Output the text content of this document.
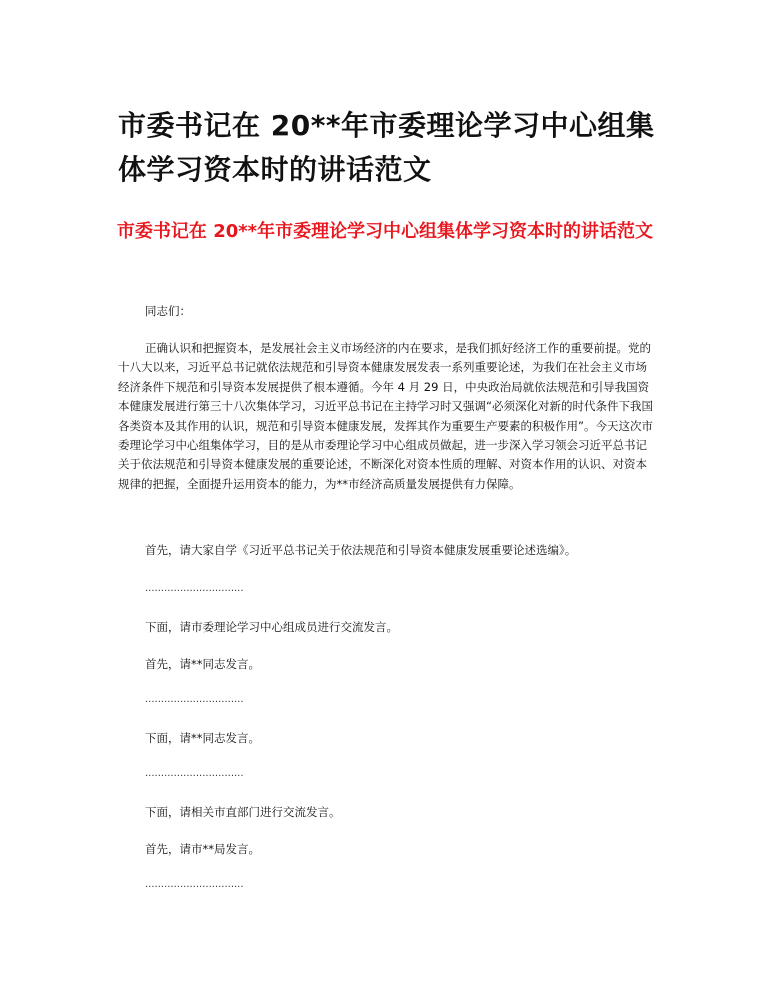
市委书记在 20**年市委理论学习中心组集体学习资本时的讲话范文
市委书记在 20**年市委理论学习中心组集体学习资本时的讲话范文

同志们：

正确认识和把握资本，是发展社会主义市场经济的内在要求，是我们抓好经济工作的重要前提。党的十八大以来，习近平总书记就依法规范和引导资本健康发展发表一系列重要论述，为我们在社会主义市场经济条件下规范和引导资本发展提供了根本遵循。今年 4 月 29 日，中央政治局就依法规范和引导我国资本健康发展进行第三十八次集体学习，习近平总书记在主持学习时又强调“必须深化对新的时代条件下我国各类资本及其作用的认识，规范和引导资本健康发展，发挥其作为重要生产要素的积极作用”。今天这次市委理论学习中心组集体学习，目的是从市委理论学习中心组成员做起，进一步深入学习领会习近平总书记关于依法规范和引导资本健康发展的重要论述，不断深化对资本性质的理解、对资本作用的认识、对资本规律的把握，全面提升运用资本的能力，为**市经济高质量发展提供有力保障。

首先，请大家自学《习近平总书记关于依法规范和引导资本健康发展重要论述选编》。

...............................

下面，请市委理论学习中心组成员进行交流发言。

首先，请**同志发言。

...............................

下面，请**同志发言。

...............................

下面，请相关市直部门进行交流发言。

首先，请市**局发言。

...............................
